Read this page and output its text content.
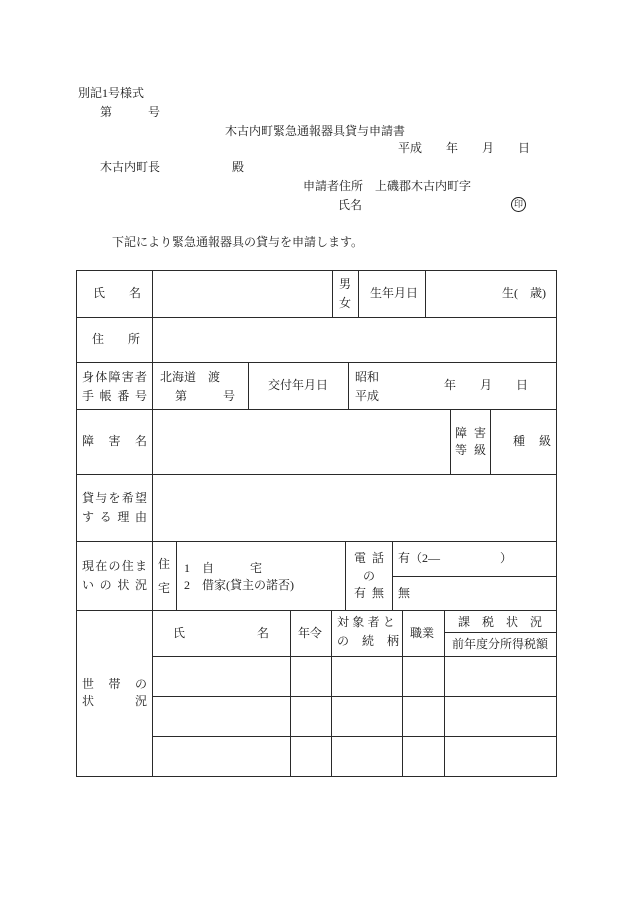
別記1号様式
第　　　号
木古内町緊急通報器具貸与申請書
平成　　年　　月　　日
木古内町長　　　　　　殿
申請者住所　上磯郡木古内町字
氏名	印
下記により緊急通報器具の貸与を申請します。
氏　　名
男
女
生年月日	生(　歳)
住　　所
身体障害者
手帳番号
北海道　渡
第　　　号
交付年月日
昭和
平成
年　　月　　日
障　害　名
障害
等級
種　級
貸与を希望
する理由
現在の住ま
いの状況
住
宅
1　自　　　宅
2　借家(貸主の諾否)
電話
の
有無
有（2―　　　　　）
無
世　帯　の
状　　況
氏　　　　　　名 年令
対象者と
の　続　柄
職業
課　税　状　況
前年度分所得税額
